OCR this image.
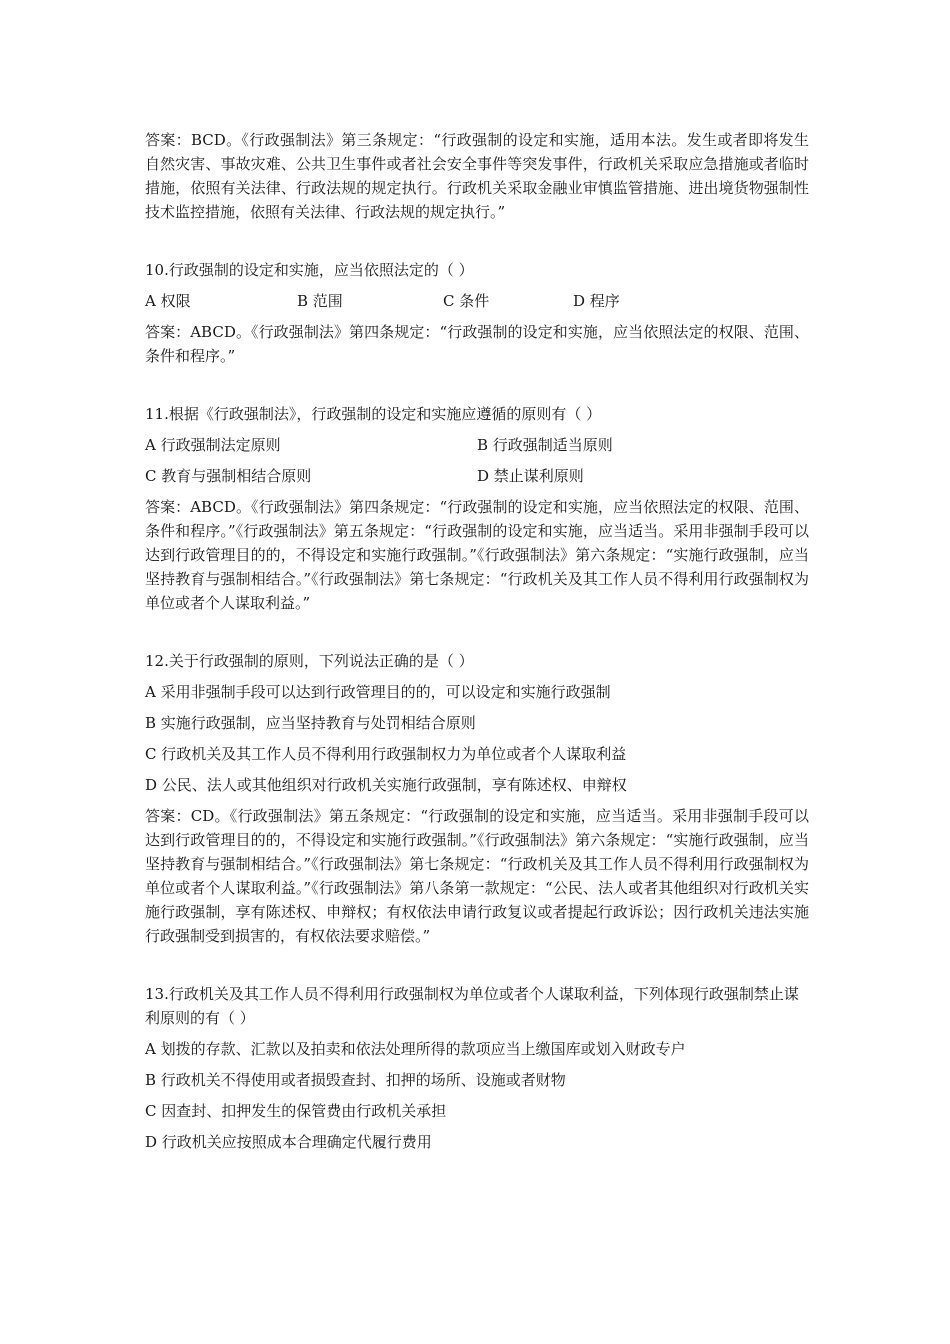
答案：BCD。《行政强制法》第三条规定：“行政强制的设定和实施，适用本法。发生或者即将发生自然灾害、事故灾难、公共卫生事件或者社会安全事件等突发事件，行政机关采取应急措施或者临时措施，依照有关法律、行政法规的规定执行。行政机关采取金融业审慎监管措施、进出境货物强制性技术监控措施，依照有关法律、行政法规的规定执行。”

10.行政强制的设定和实施，应当依照法定的（ ）

A 权限	B 范围	C 条件	D 程序

答案：ABCD。《行政强制法》第四条规定：“行政强制的设定和实施，应当依照法定的权限、范围、条件和程序。”

11.根据《行政强制法》，行政强制的设定和实施应遵循的原则有（ ）

A 行政强制法定原则	B 行政强制适当原则
C 教育与强制相结合原则	D 禁止谋利原则

答案：ABCD。《行政强制法》第四条规定：“行政强制的设定和实施，应当依照法定的权限、范围、条件和程序。”《行政强制法》第五条规定：“行政强制的设定和实施，应当适当。采用非强制手段可以达到行政管理目的的，不得设定和实施行政强制。”《行政强制法》第六条规定：“实施行政强制，应当坚持教育与强制相结合。”《行政强制法》第七条规定：“行政机关及其工作人员不得利用行政强制权为单位或者个人谋取利益。”

12.关于行政强制的原则，下列说法正确的是（ ）

A 采用非强制手段可以达到行政管理目的的，可以设定和实施行政强制

B 实施行政强制，应当坚持教育与处罚相结合原则

C 行政机关及其工作人员不得利用行政强制权力为单位或者个人谋取利益

D 公民、法人或其他组织对行政机关实施行政强制，享有陈述权、申辩权

答案：CD。《行政强制法》第五条规定：“行政强制的设定和实施，应当适当。采用非强制手段可以达到行政管理目的的，不得设定和实施行政强制。”《行政强制法》第六条规定：“实施行政强制，应当坚持教育与强制相结合。”《行政强制法》第七条规定：“行政机关及其工作人员不得利用行政强制权为单位或者个人谋取利益。”《行政强制法》第八条第一款规定：“公民、法人或者其他组织对行政机关实施行政强制，享有陈述权、申辩权；有权依法申请行政复议或者提起行政诉讼；因行政机关违法实施行政强制受到损害的，有权依法要求赔偿。”

13.行政机关及其工作人员不得利用行政强制权为单位或者个人谋取利益，下列体现行政强制禁止谋利原则的有（ ）

A 划拨的存款、汇款以及拍卖和依法处理所得的款项应当上缴国库或划入财政专户

B 行政机关不得使用或者损毁查封、扣押的场所、设施或者财物

C 因查封、扣押发生的保管费由行政机关承担

D 行政机关应按照成本合理确定代履行费用
